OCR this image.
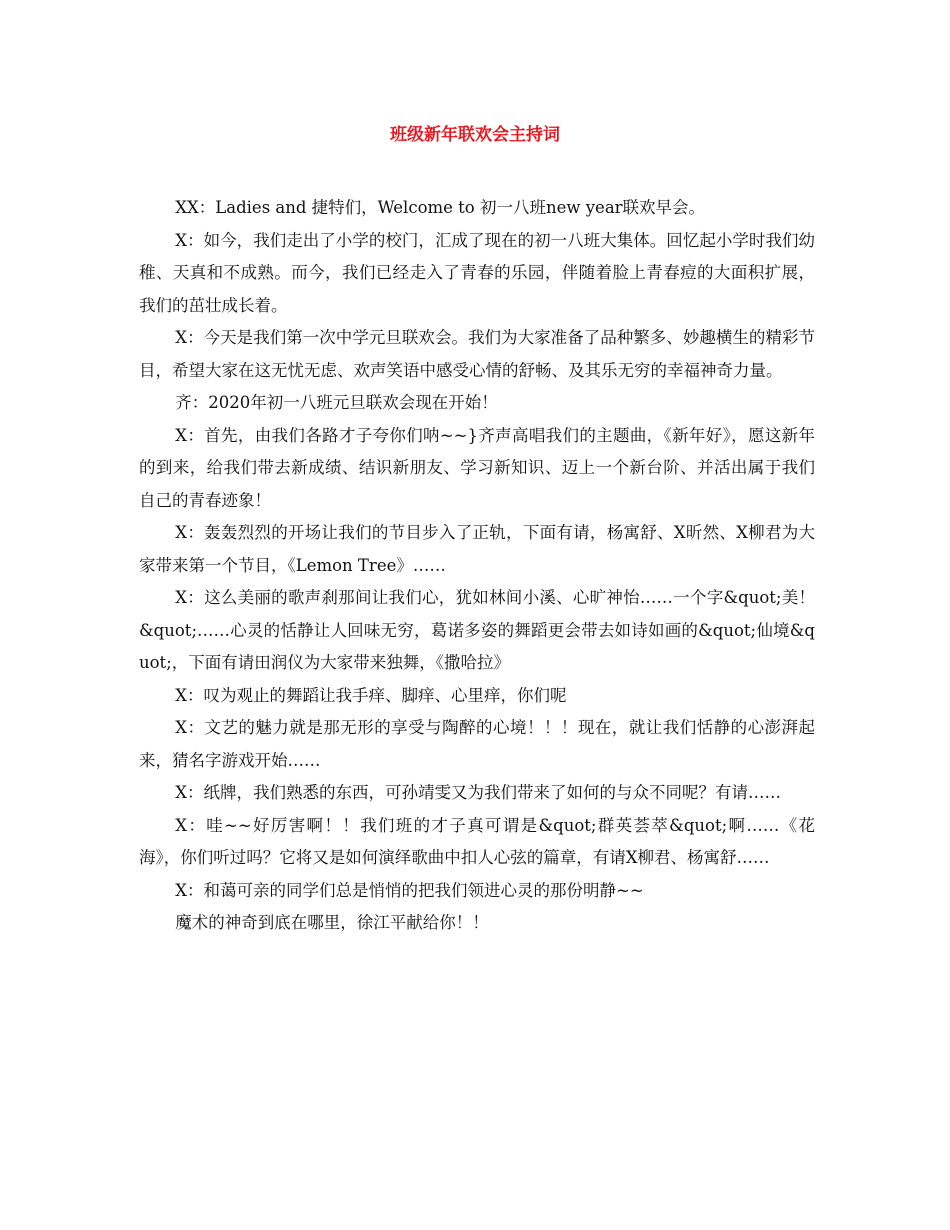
班级新年联欢会主持词

XX：Ladies and 捷特们，Welcome to 初一八班new year联欢早会。

X：如今，我们走出了小学的校门，汇成了现在的初一八班大集体。回忆起小学时我们幼稚、天真和不成熟。而今，我们已经走入了青春的乐园，伴随着脸上青春痘的大面积扩展，我们的茁壮成长着。

X：今天是我们第一次中学元旦联欢会。我们为大家准备了品种繁多、妙趣横生的精彩节目，希望大家在这无忧无虑、欢声笑语中感受心情的舒畅、及其乐无穷的幸福神奇力量。

齐：2020年初一八班元旦联欢会现在开始！

X：首先，由我们各路才子夸你们呐~~}齐声高唱我们的主题曲，《新年好》，愿这新年的到来，给我们带去新成绩、结识新朋友、学习新知识、迈上一个新台阶、并活出属于我们自己的青春迹象！

X：轰轰烈烈的开场让我们的节目步入了正轨，下面有请，杨寓舒、X昕然、X柳君为大家带来第一个节目，《Lemon Tree》……

X：这么美丽的歌声刹那间让我们心，犹如林间小溪、心旷神怡……一个字&quot;美！&quot;……心灵的恬静让人回味无穷，葛诺多姿的舞蹈更会带去如诗如画的&quot;仙境&quot;，下面有请田润仪为大家带来独舞，《撒哈拉》

X：叹为观止的舞蹈让我手痒、脚痒、心里痒，你们呢

X：文艺的魅力就是那无形的享受与陶醉的心境！！！现在，就让我们恬静的心澎湃起来，猜名字游戏开始……

X：纸牌，我们熟悉的东西，可孙靖雯又为我们带来了如何的与众不同呢？有请……

X：哇~~好厉害啊！！我们班的才子真可谓是&quot;群英荟萃&quot;啊……《花海》，你们听过吗？它将又是如何演绎歌曲中扣人心弦的篇章，有请X柳君、杨寓舒……

X：和蔼可亲的同学们总是悄悄的把我们领进心灵的那份明静~~

魔术的神奇到底在哪里，徐江平献给你！！
